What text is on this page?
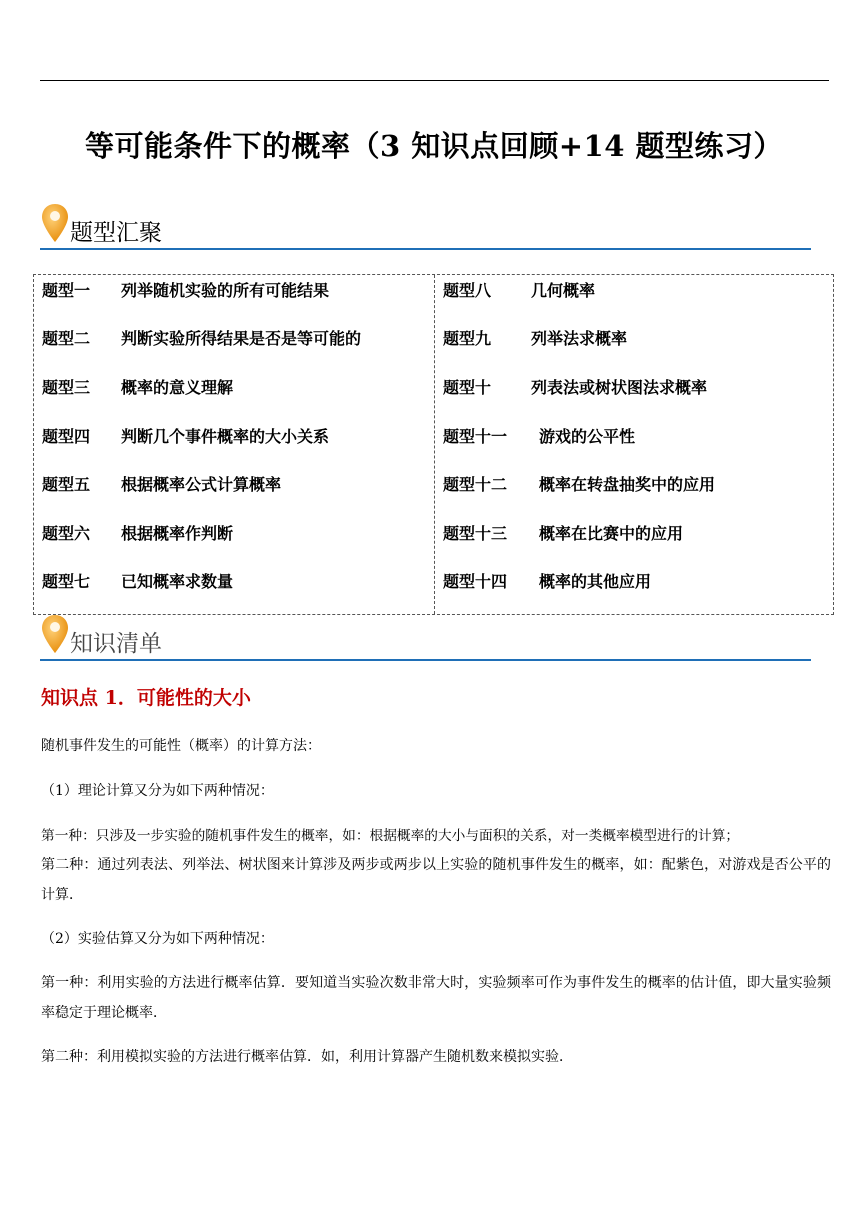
等可能条件下的概率（3 知识点回顾+14 题型练习）
题型汇聚
题型一 列举随机实验的所有可能结果
题型二 判断实验所得结果是否是等可能的
题型三 概率的意义理解
题型四 判断几个事件概率的大小关系
题型五 根据概率公式计算概率
题型六 根据概率作判断
题型七 已知概率求数量
题型八 几何概率
题型九 列举法求概率
题型十 列表法或树状图法求概率
题型十一 游戏的公平性
题型十二 概率在转盘抽奖中的应用
题型十三 概率在比赛中的应用
题型十四 概率的其他应用
知识清单
知识点 1．可能性的大小
随机事件发生的可能性（概率）的计算方法：
（1）理论计算又分为如下两种情况：
第一种：只涉及一步实验的随机事件发生的概率，如：根据概率的大小与面积的关系，对一类概率模型进行的计算；
第二种：通过列表法、列举法、树状图来计算涉及两步或两步以上实验的随机事件发生的概率，如：配紫色，对游戏是否公平的计算．
（2）实验估算又分为如下两种情况：
第一种：利用实验的方法进行概率估算．要知道当实验次数非常大时，实验频率可作为事件发生的概率的估计值，即大量实验频率稳定于理论概率．
第二种：利用模拟实验的方法进行概率估算．如，利用计算器产生随机数来模拟实验．
